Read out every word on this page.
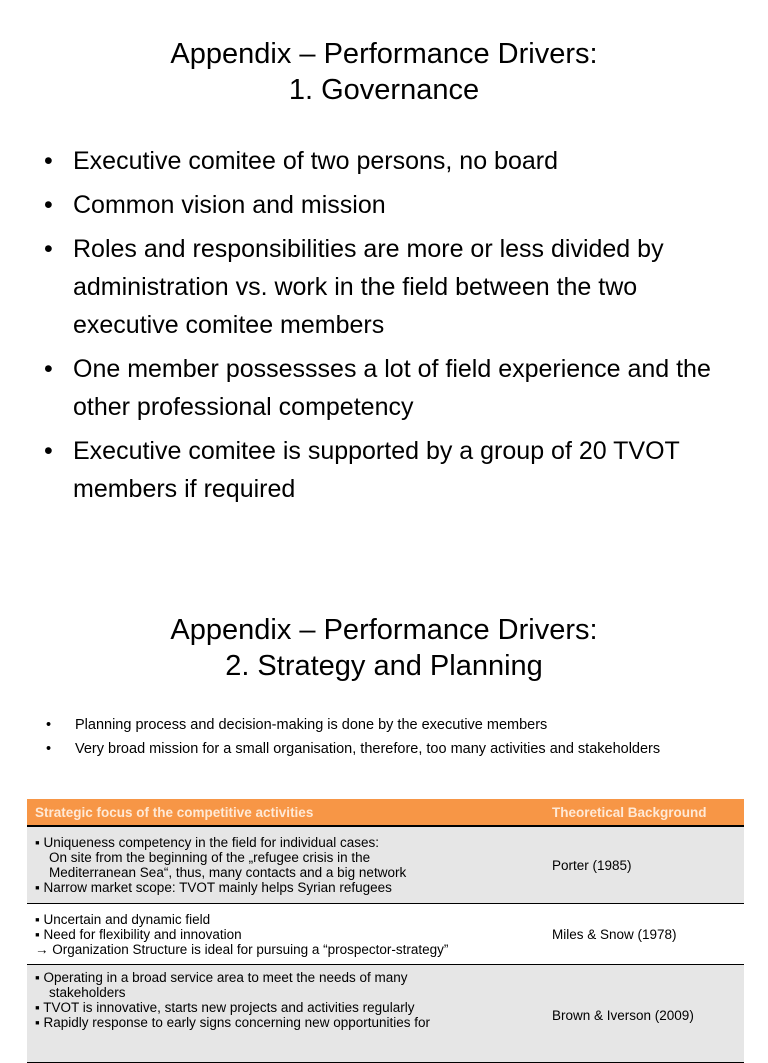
Appendix – Performance Drivers:
1. Governance
• Executive comitee of two persons, no board
• Common vision and mission
• Roles and responsibilities are more or less divided by administration vs. work in the field between the two executive comitee members
• One member possessses a lot of field experience and the other professional competency
• Executive comitee is supported by a group of 20 TVOT members if required
Appendix – Performance Drivers:
2. Strategy and Planning
• Planning process and decision-making is done by the executive members
• Very broad mission for a small organisation, therefore, too many activities and stakeholders
Strategic focus of the competitive activities	Theoretical Background

▪ Uniqueness competency in the field for individual cases:
On site from the beginning of the „refugee crisis in the
Mediterranean Sea“, thus, many contacts and a big network
▪ Narrow market scope: TVOT mainly helps Syrian refugees	Porter (1985)

▪ Uncertain and dynamic field
▪ Need for flexibility and innovation
→ Organization Structure is ideal for pursuing a “prospector-strategy”	Miles & Snow (1978)

▪ Operating in a broad service area to meet the needs of many
stakeholders
▪ TVOT is innovative, starts new projects and activities regularly
▪ Rapidly response to early signs concerning new opportunities for	Brown & Iverson (2009)
